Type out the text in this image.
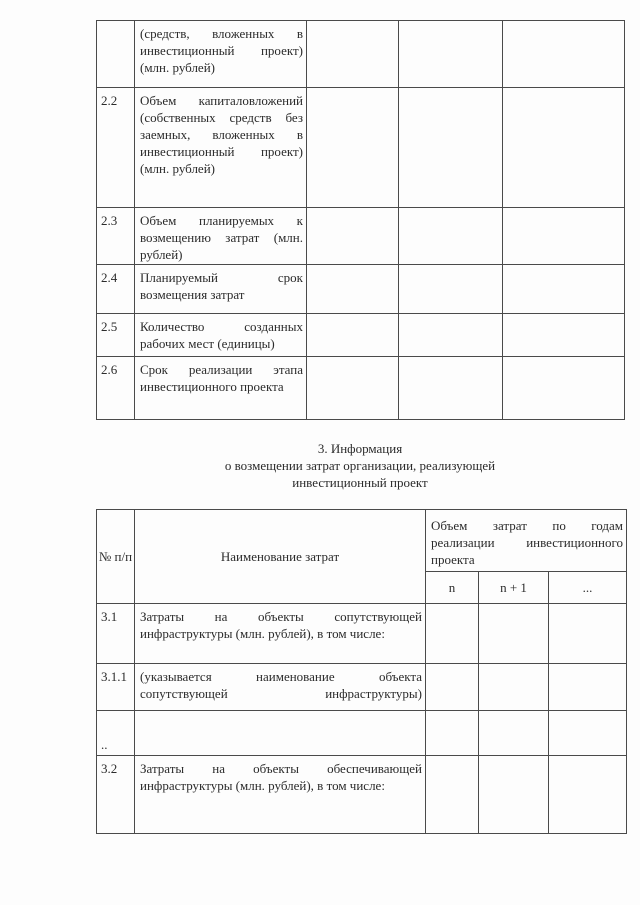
	(средств, вложенных в инвестиционный проект) (млн. рублей)			
2.2	Объем капиталовложений (собственных средств без заемных, вложенных в инвестиционный проект) (млн. рублей)			
2.3	Объем планируемых к возмещению затрат (млн. рублей)			
2.4	Планируемый срок возмещения затрат			
2.5	Количество созданных рабочих мест (единицы)			
2.6	Срок реализации этапа инвестиционного проекта			
3. Информация
о возмещении затрат организации, реализующей
инвестиционный проект
№ п/п	Наименование затрат	Объем затрат по годам реализации инвестиционного проекта		
		n	n + 1	...
3.1	Затраты на объекты сопутствующей инфраструктуры (млн. рублей), в том числе:			
3.1.1	(указывается наименование объекта сопутствующей инфраструктуры)			
..				
3.2	Затраты на объекты обеспечивающей инфраструктуры (млн. рублей), в том числе:			
